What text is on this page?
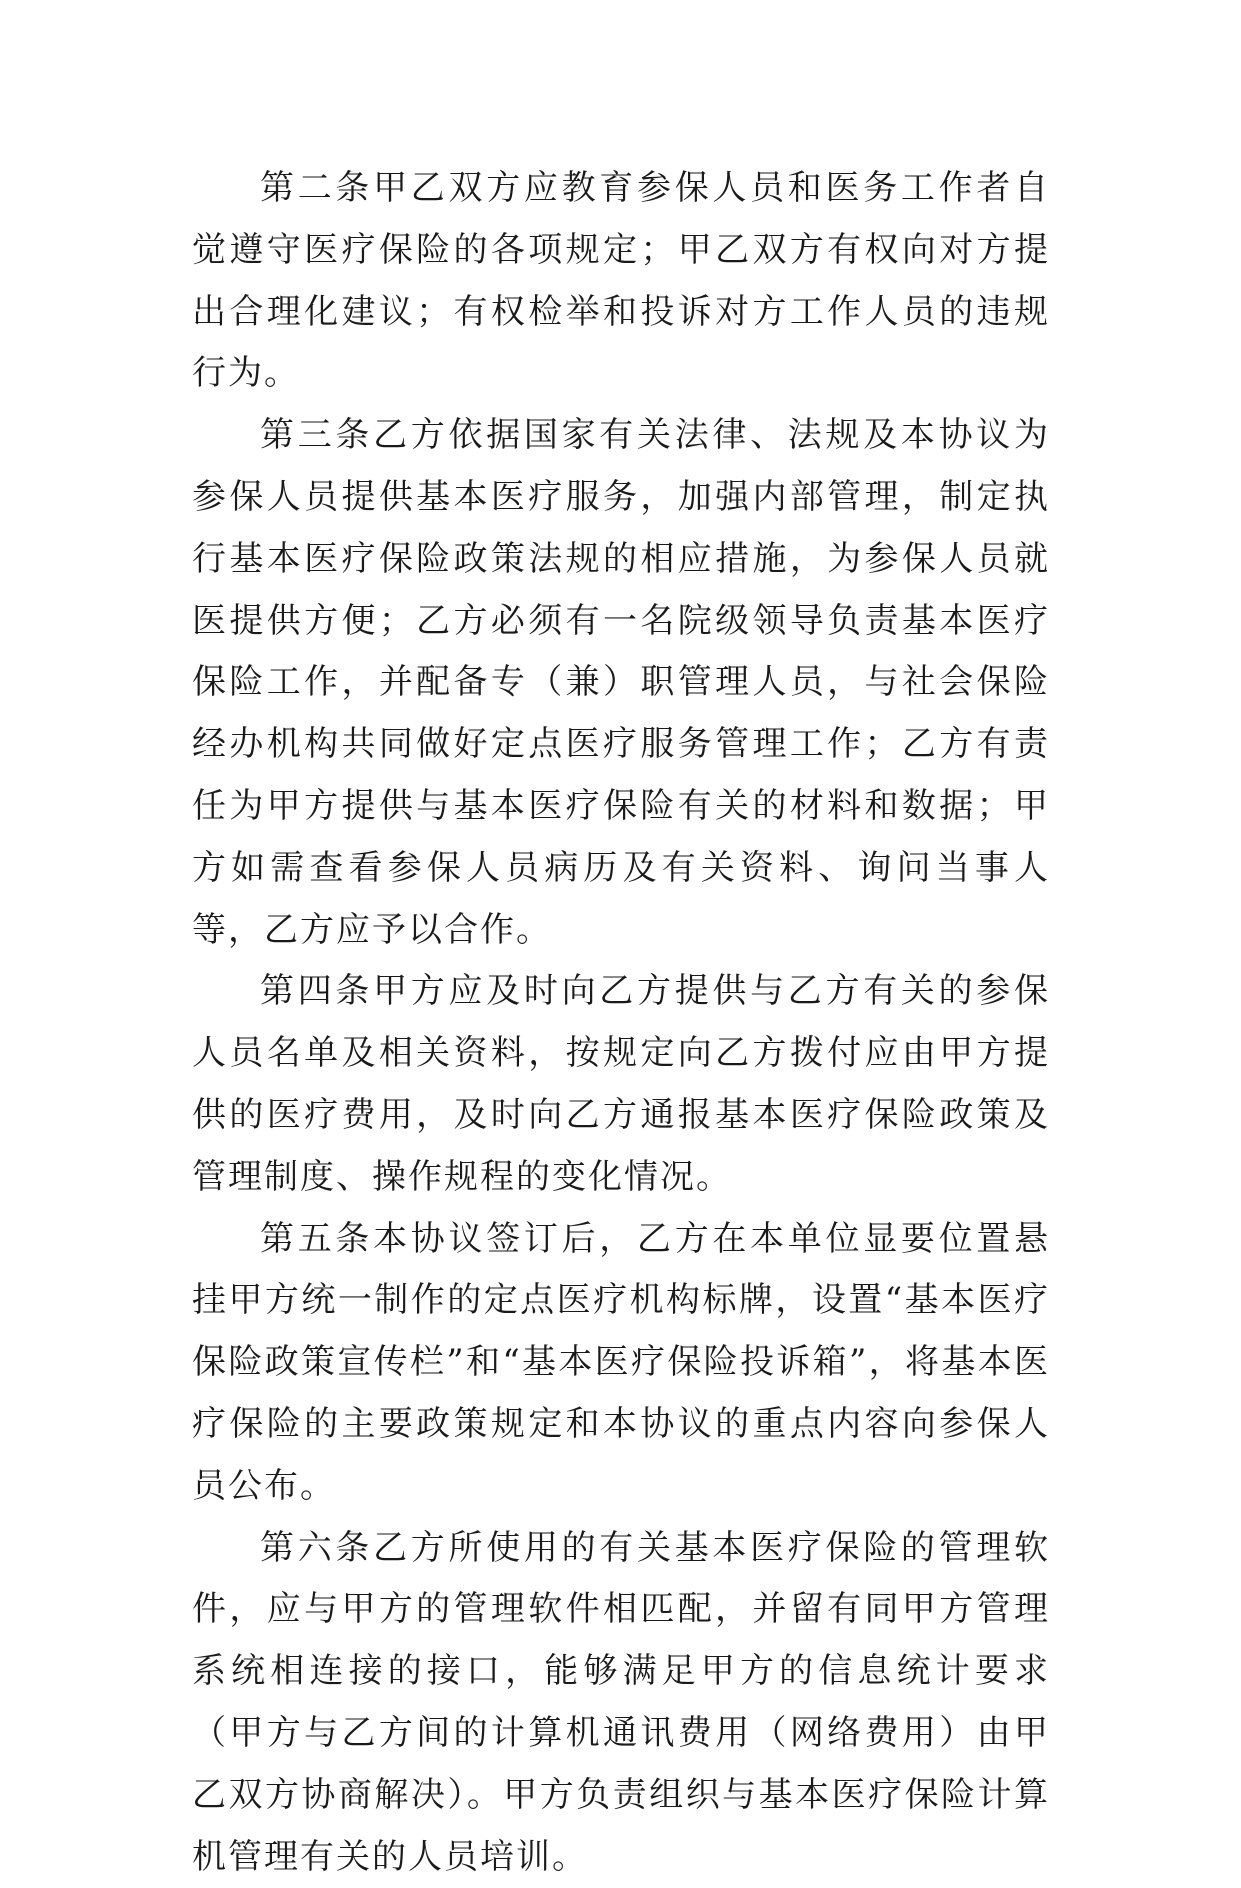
第二条甲乙双方应教育参保人员和医务工作者自觉遵守医疗保险的各项规定；甲乙双方有权向对方提出合理化建议；有权检举和投诉对方工作人员的违规行为。

第三条乙方依据国家有关法律、法规及本协议为参保人员提供基本医疗服务，加强内部管理，制定执行基本医疗保险政策法规的相应措施，为参保人员就医提供方便；乙方必须有一名院级领导负责基本医疗保险工作，并配备专（兼）职管理人员，与社会保险经办机构共同做好定点医疗服务管理工作；乙方有责任为甲方提供与基本医疗保险有关的材料和数据；甲方如需查看参保人员病历及有关资料、询问当事人等，乙方应予以合作。

第四条甲方应及时向乙方提供与乙方有关的参保人员名单及相关资料，按规定向乙方拨付应由甲方提供的医疗费用，及时向乙方通报基本医疗保险政策及管理制度、操作规程的变化情况。

第五条本协议签订后，乙方在本单位显要位置悬挂甲方统一制作的定点医疗机构标牌，设置“基本医疗保险政策宣传栏”和“基本医疗保险投诉箱”，将基本医疗保险的主要政策规定和本协议的重点内容向参保人员公布。

第六条乙方所使用的有关基本医疗保险的管理软件，应与甲方的管理软件相匹配，并留有同甲方管理系统相连接的接口，能够满足甲方的信息统计要求（甲方与乙方间的计算机通讯费用（网络费用）由甲乙双方协商解决）。甲方负责组织与基本医疗保险计算机管理有关的人员培训。
